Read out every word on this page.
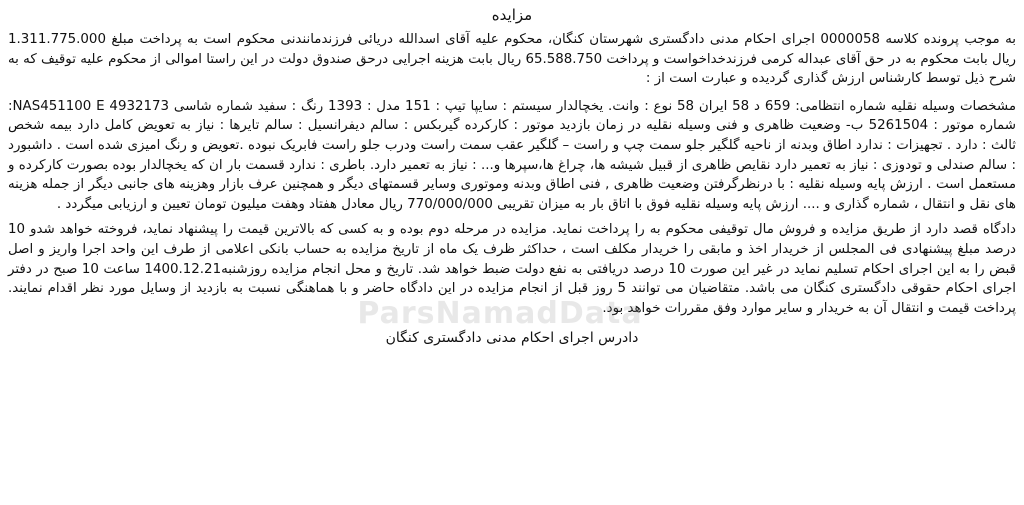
مزایده

به موجب پرونده کلاسه 0000058 اجرای احکام مدنی دادگستری شهرستان کنگان، محکوم علیه آقای اسدالله دریائی فرزندمانندنی محکوم است به پرداخت مبلغ 1.311.775.000 ریال بابت محکوم به در حق آقای عبداله کرمی فرزندخداخواست و پرداخت 65.588.750 ریال بابت هزینه اجرایی درحق صندوق دولت در این راستا اموالی از محکوم علیه توقیف که به شرح ذیل توسط کارشناس ارزش گذاری گردیده و عبارت است از :

مشخصات وسیله نقلیه شماره انتظامی: 659 د 58 ایران 58 نوع : وانت. یخچالدار سیستم : سایپا تیپ : 151 مدل : 1393 رنگ : سفید شماره شاسی NAS451100 E 4932173: شماره موتور : 5261504 ب- وضعیت ظاهری و فنی وسیله نقلیه در زمان بازدید موتور : کارکرده گیربکس : سالم دیفرانسیل : سالم تایرها : نیاز به تعویض کامل دارد بیمه شخص ثالث : دارد . تجهیزات : ندارد اطاق وبدنه از ناحیه گلگیر جلو سمت چپ و راست – گلگیر عقب سمت راست ودرب جلو راست فابریک نبوده .تعویض و رنگ امیزی شده است . داشبورد : سالم صندلی و تودوزی : نیاز به تعمیر دارد نقایص ظاهری از قبیل شیشه ها، چراغ ها،سپرها و... : نیاز به تعمیر دارد. باطری : ندارد قسمت بار ان که یخچالدار بوده بصورت کارکرده و مستعمل است . ارزش پایه وسیله نقلیه : با درنظرگرفتن وضعیت ظاهری , فنی اطاق وبدنه وموتوری وسایر قسمتهای دیگر و همچنین عرف بازار وهزینه های جانبی دیگر از جمله هزینه های نقل و انتقال ، شماره گذاری و .... ارزش پایه وسیله نقلیه فوق با اتاق بار به میزان تقریبی 770/000/000 ریال معادل هفتاد وهفت میلیون تومان تعیین و ارزیابی میگردد .

دادگاه قصد دارد از طریق مزایده و فروش مال توقیفی محکوم به را پرداخت نماید. مزایده در مرحله دوم بوده و به کسی که بالاترین قیمت را پیشنهاد نماید، فروخته خواهد شدو 10 درصد مبلغ پیشنهادی فی المجلس از خریدار اخذ و مابقی را خریدار مکلف است ، حداکثر ظرف یک ماه از تاریخ مزایده به حساب بانکی اعلامی از طرف این واحد اجرا واریز و اصل قبض را به این اجرای احکام تسلیم نماید در غیر این صورت 10 درصد دریافتی به نفع دولت ضبط خواهد شد. تاریخ و محل انجام مزایده روزشنبه1400.12.21 ساعت 10 صبح در دفتر اجرای احکام حقوقی دادگستری کنگان می باشد. متقاضیان می توانند 5 روز قبل از انجام مزایده در این دادگاه حاضر و با هماهنگی نسبت به بازدید از وسایل مورد نظر اقدام نمایند. پرداخت قیمت و انتقال آن به خریدار و سایر موارد وفق مقررات خواهد بود.

دادرس اجرای احکام مدنی دادگستری کنگان
ParsNamadData
